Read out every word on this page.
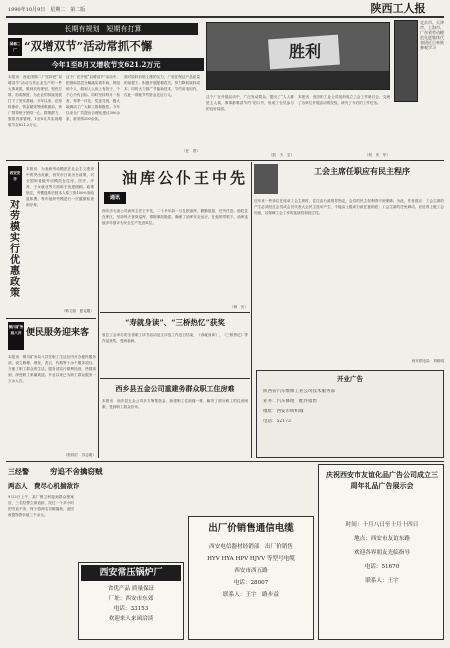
1990年10月9日　星期二　第二版	陕西工人报
长期有规划　短期有打算
国棉二厂 “双增双节”活动常抓不懈
今年1至8月又增收节支621.2万元
本报讯　西北国棉二厂坚持把“双增双节”活动当作企业生产的一件大事来抓，做到长有规划，短有打算，形成制度，为企业的持续发展打下了坚实基础。今年以来，在原料涨价，资金紧张等困难面前，该厂领导班子团结一心，群策群力，狠抓内部管理，1至8月共实现增收节支621.2万元。
这个厂在开展“双增双节”活动中，把指标层层分解落实到车间、班组和个人，做到人人肩上有担子，个个心中有目标。同时坚持每月一检查，每季一评比，奖惩兑现，极大地调动了广大职工的积极性。今年以来全厂共提出合理化建议300余条，被采纳200余条。
面对原料价格上涨的压力，厂里在保证产品质量的前提下，积极开展配棉攻关，努力降低原料成本；同时大力推广节能新技术，节约用电用汽，仅此一项就节约资金近百万元。
（任　郑）
胜利
这个厂在开展活动中，广泛发动群众，提出了“人人都是主人翁，事事都要讲节约”的口号，形成了全员参与的良好局面。
（凯　天　宝）
本报讯　省纺织工业公司组织成立工会工作研讨会，交流了各单位开展活动的经验，研究了今后的工作任务。
（何　庆　华）
北京市、天津市、上海市、广东省劳动模范先进集体代表团近日来陕参观学习
西安安市
对劳模实行优惠政策
本报讯　为表彰劳动模范在社会主义建设中的突出贡献，西安市日前出台政策，对全国和省级劳动模范在住房、医疗、疗养、子女就业等方面给予优惠照顾。政策规定，劳模退休后按本人原工资100%发给退休费，每年组织劳模进行一次健康检查和疗养。
（韩文瑞　夏克服）
铜川矿务局八井 便民服务迎来客
本报讯　铜川矿务局八井在职工生活区内开办便民服务部，设立修理、理发、洗衣、代购等十余个服务项目，方便了职工群众的生活。服务部实行微利经营，热情周到，深受职工家属欢迎。开业以来已为职工群众服务一万余人次。
（郭伟宏　苏志明）
油库公仆王中先
通讯
西安市石油公司油库主任王中先，二十多年如一日扎根油库，勤勤恳恳，任劳任怨。他吃住在库区，坚持每天查岗巡库，排除事故隐患，确保了油库安全运行。在他的带领下，油库连续多年被评为安全生产先进单位。
（杨　庆）
“寿就身读”、“三桥热忆”获奖
省总工会举办的全省职工读书活动征文评选工作近日结束，《寿就身读》、《三桥热忆》等作品获奖，受到表彰。
西乡县五金公司重建务群众职工住房难
本报讯　西乡县五金公司多方筹集资金，新建职工住宿楼一栋，解决了部分职工的住房困难，受到职工群众好评。
工会主席任职应有民主程序
近年来一些单位在选举工会主席时，往往由行政领导指定，会员的民主权利得不到保障。为此，作者建议：工会主席的产生必须经过会员或会员代表大会民主选举产生，不能由上级或行政任意指派；工会主席的任免调动，应征得上级工会同意，以保障工会工作的连续性和独立性。
西安供电局　刘树明
开业广告
陕西省汽车维修工业公司技术服务部
业务：汽车修理　配件销售
地址：西安市纺织城
电话：52173
三经警	穷追不舍擒窃贼
两态人　费尽心机揣敌诈
9月2日上午，某厂保卫科接到群众报案后，三名经警立即追踪，经过一个多小时的穷追不舍，终于将两名窃贼擒获，追回被盗物资价值三千余元。
西安常压锅炉厂
省优产品 质量保证
厂址：西安市东郊
电话：33153
欢迎来人来函洽谈
出厂价销售通信电缆
西安电信器材经销部　出厂价销售
HYV HYA HPV HJVV 等型号电缆
西安市西五路
电话：28007
联系人：王宇　路步益
庆祝西安市友谊化品广告公司成立三周年礼品广告展示会
时间：十月八日至十月十四日
地点：西安市友谊东路
欢迎各界朋友光临指导
电话：51670
联系人：王宇
